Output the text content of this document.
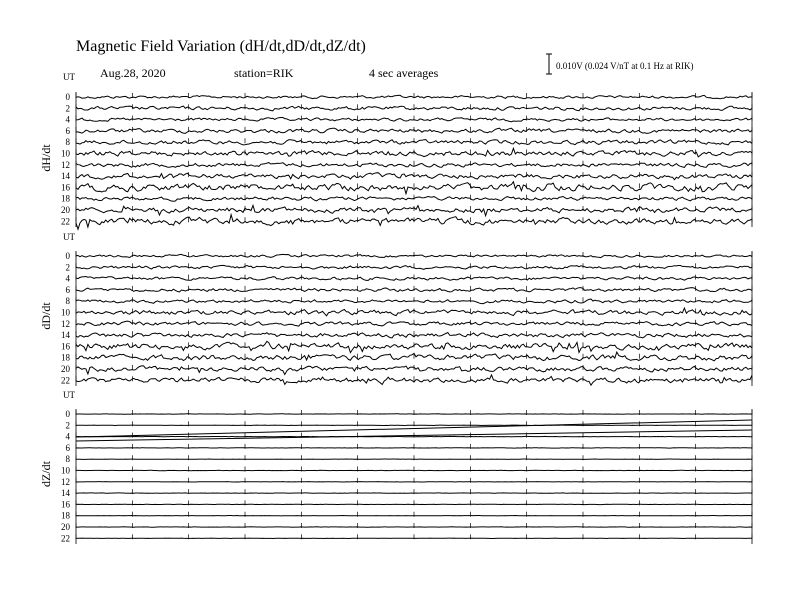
Magnetic Field Variation (dH/dt,dD/dt,dZ/dt)
Aug.28, 2020	station=RIK	4 sec averages	0.010V (0.024 V/nT at 0.1 Hz at RIK)
UT
dH/dt
0
2
4
6
8
10
12
14
16
18
20
22
UT
dD/dt
0
2
4
6
8
10
12
14
16
18
20
22
UT
dZ/dt
0
2
4
6
8
10
12
14
16
18
20
22
